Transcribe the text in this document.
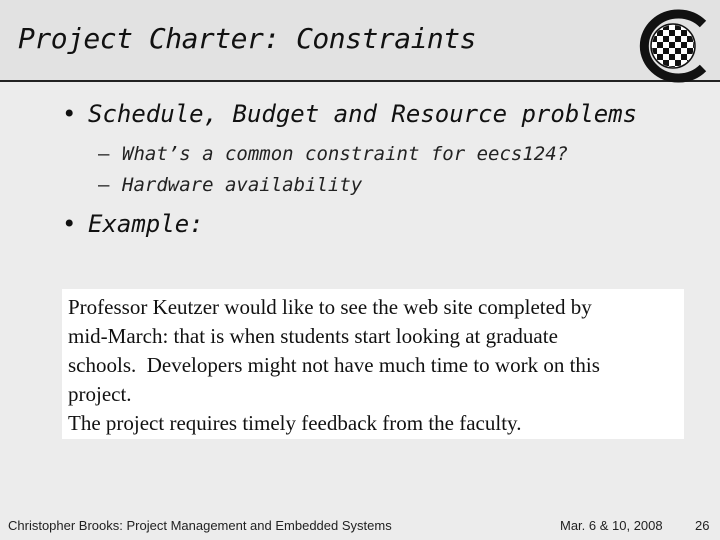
Project Charter: Constraints
• Schedule, Budget and Resource problems
– What’s a common constraint for eecs124?
– Hardware availability
• Example:

Professor Keutzer would like to see the web site completed by
mid-March: that is when students start looking at graduate
schools.  Developers might not have much time to work on this
project.
The project requires timely feedback from the faculty.

Christopher Brooks: Project Management and Embedded Systems	Mar. 6 & 10, 2008 26
